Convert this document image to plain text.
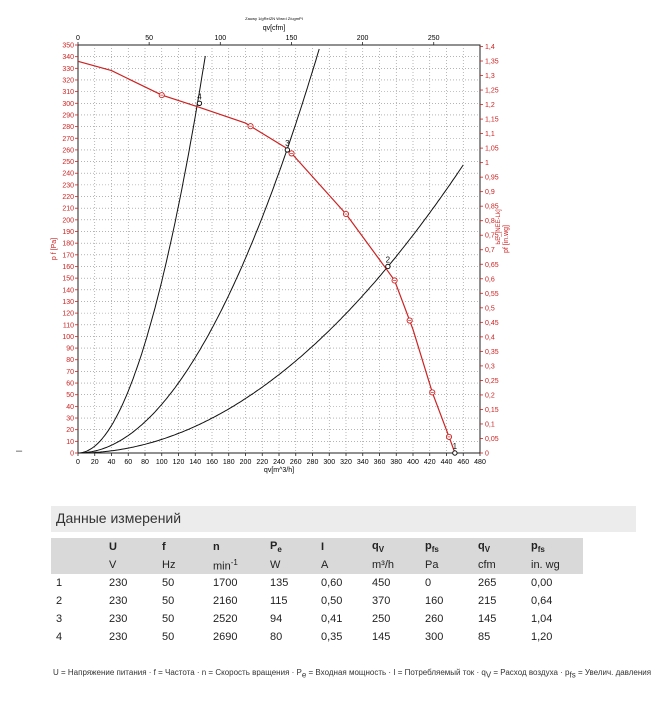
0 20 40 60 80 100 120 140 160 180 200 220 240 260 280 300 320 340 360 380 400 420 440 460 480
qv[m^3/h]
0	50	100	150	200	250
qv[cfm]
Zauwy 1/gReIZN Wwr•l Z/ugmPI
0
10
20
30
40
50
60
70
80
90
100
110
120
130
140
150
160
170
180
190
200
210
220
230
240
250
260
270
280
290
300
310
320
330
340
350
p f [Pa]
0
0,05
0,1
0,15
0,2
0,25
0,3
0,35
0,4
0,45
0,5
0,55
0,6
0,65
0,7
0,75
0,8
0,85
0,9
0,95
1
1,05
1,1
1,15
1,2
1,25
1,3
1,35
1,4
pf [in.wg]
ЬЕ_[NEE-Lk]
1
2
3
4
–
Данные измерений
	U	f	n	$P_e$	I	$q_V$	$p_{fs}$	$q_V$	$p_{fs}$
	V	Hz	$\min^{-1}$	W	A	m³/h	Pa	cfm	in. wg
1	230	50	1700	135	0,60	450	0	265	0,00
2	230	50	2160	115	0,50	370	160	215	0,64
3	230	50	2520	94	0,41	250	260	145	1,04
4	230	50	2690	80	0,35	145	300	85	1,20
U = Напряжение питания · f = Частота · n = Скорость вращения · Pe = Входная мощность · I = Потребляемый ток · qV = Расход воздуха · pfs = Увелич. давления
